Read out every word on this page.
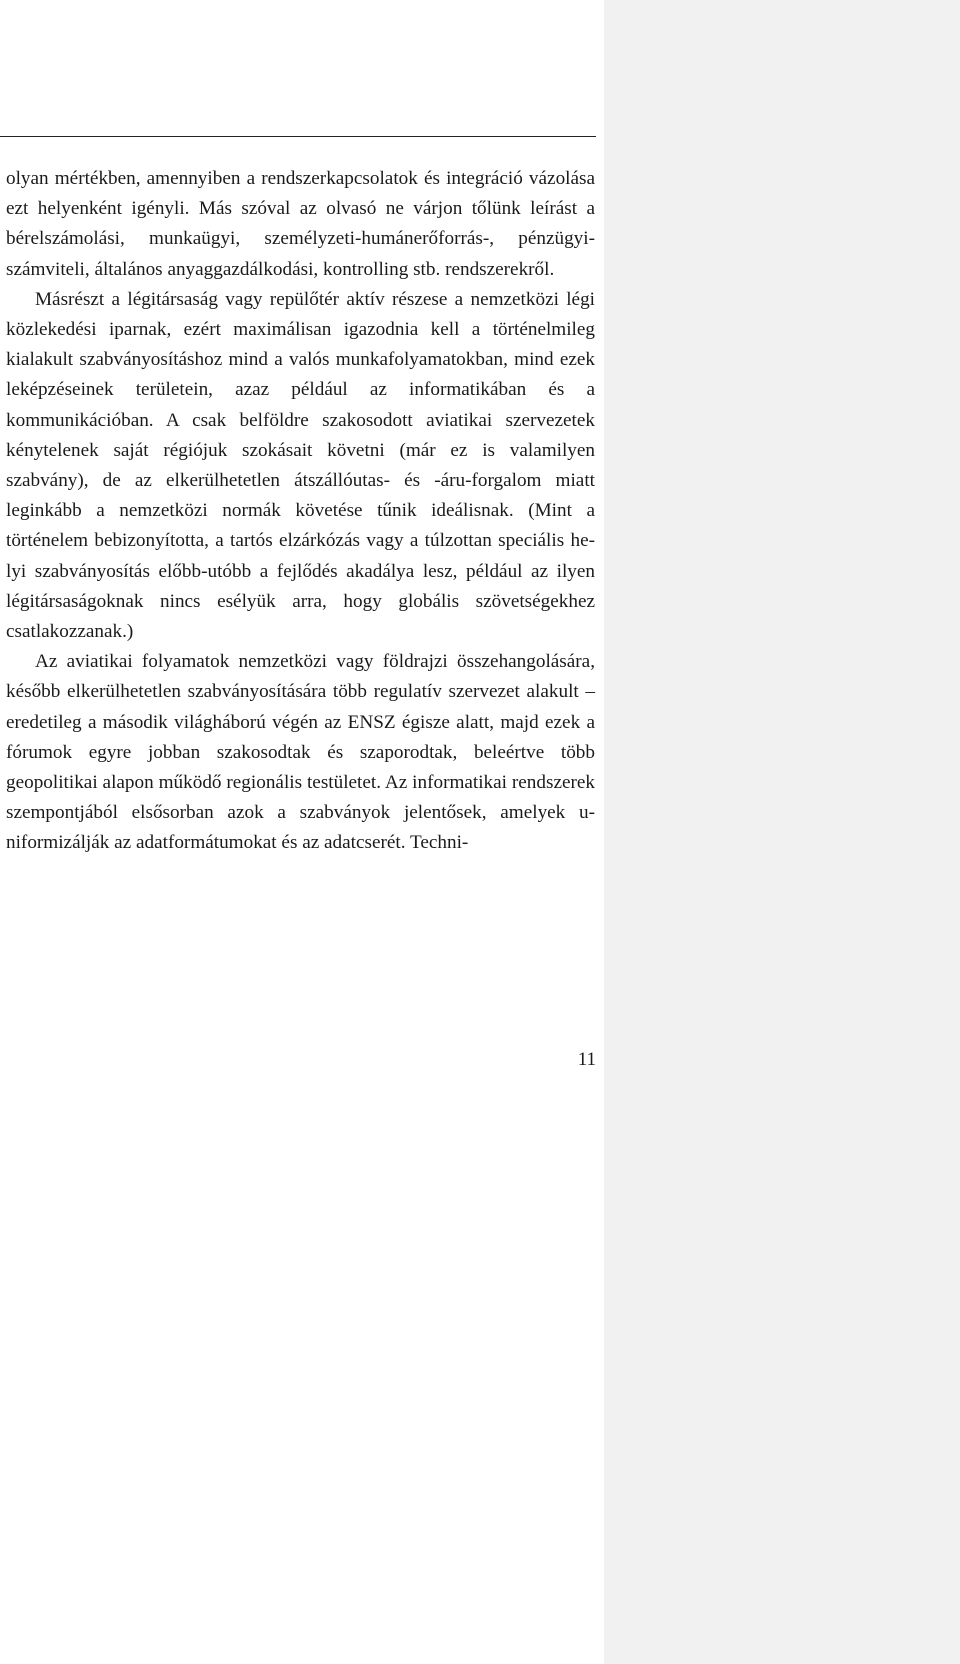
olyan mértékben, amennyiben a rendszerkapcsolatok és integráció vázolása ezt helyenként igényli. Más szóval az olvasó ne várjon tőlünk leírást a bérelszámolási, munkaügyi, személyzeti-humánerőforrás-, pénzügyi-számviteli, általános anyaggazdálkodási, kontrolling stb. rendszerekről.

Másrészt a légitársaság vagy repülőtér aktív részese a nemzetközi légi közlekedési iparnak, ezért maximálisan igazodnia kell a történelmileg kialakult szabványosításhoz mind a valós munkafolyamatokban, mind ezek leképzéseinek területein, azaz például az informatikában és a kommunikációban. A csak belföldre szakosodott aviatikai szervezetek kénytelenek saját régiójuk szokásait követni (már ez is valamilyen szabvány), de az elkerülhetetlen átszállóutas- és -áru-forgalom miatt leginkább a nemzetközi normák követése tűnik ideálisnak. (Mint a történelem bebizonyította, a tartós elzárkózás vagy a túlzottan speciális helyi szabványosítás előbb-utóbb a fejlődés akadálya lesz, például az ilyen légitársaságoknak nincs esélyük arra, hogy globális szövetségekhez csatlakozzanak.)

Az aviatikai folyamatok nemzetközi vagy földrajzi összehangolására, később elkerülhetetlen szabványosítására több regulatív szervezet alakult – eredetileg a második világháború végén az ENSZ égisze alatt, majd ezek a fórumok egyre jobban szakosodtak és szaporodtak, beleértve több geopolitikai alapon működő regionális testületet. Az informatikai rendszerek szempontjából elsősorban azok a szabványok jelentősek, amelyek uniformizálják az adatformátumokat és az adatcserét. Techni-

11
